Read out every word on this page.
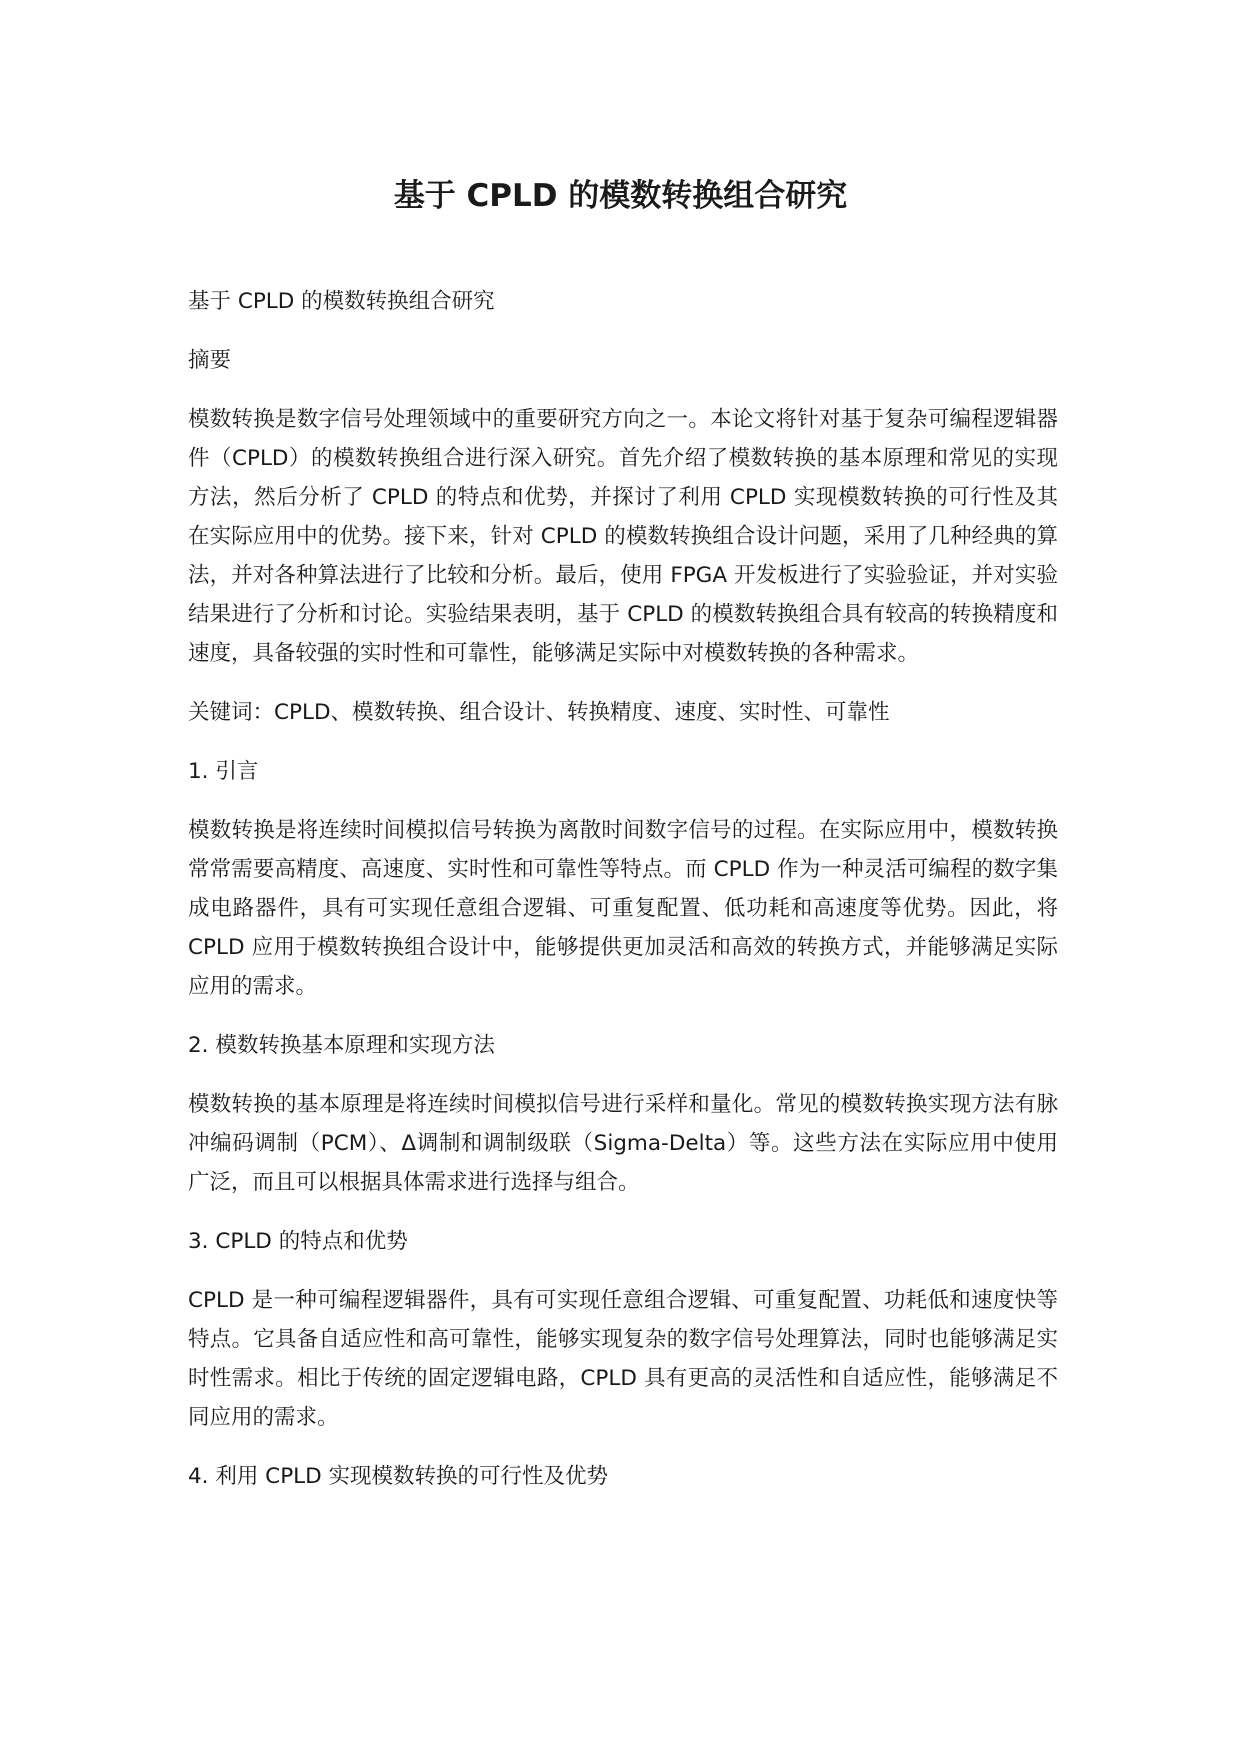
基于 CPLD 的模数转换组合研究

基于 CPLD 的模数转换组合研究

摘要

模数转换是数字信号处理领域中的重要研究方向之一。本论文将针对基于复杂可编程逻辑器件（CPLD）的模数转换组合进行深入研究。首先介绍了模数转换的基本原理和常见的实现方法，然后分析了 CPLD 的特点和优势，并探讨了利用 CPLD 实现模数转换的可行性及其在实际应用中的优势。接下来，针对 CPLD 的模数转换组合设计问题，采用了几种经典的算法，并对各种算法进行了比较和分析。最后，使用 FPGA 开发板进行了实验验证，并对实验结果进行了分析和讨论。实验结果表明，基于 CPLD 的模数转换组合具有较高的转换精度和速度，具备较强的实时性和可靠性，能够满足实际中对模数转换的各种需求。

关键词：CPLD、模数转换、组合设计、转换精度、速度、实时性、可靠性

1. 引言

模数转换是将连续时间模拟信号转换为离散时间数字信号的过程。在实际应用中，模数转换常常需要高精度、高速度、实时性和可靠性等特点。而 CPLD 作为一种灵活可编程的数字集成电路器件，具有可实现任意组合逻辑、可重复配置、低功耗和高速度等优势。因此，将 CPLD 应用于模数转换组合设计中，能够提供更加灵活和高效的转换方式，并能够满足实际应用的需求。

2. 模数转换基本原理和实现方法

模数转换的基本原理是将连续时间模拟信号进行采样和量化。常见的模数转换实现方法有脉冲编码调制（PCM）、Δ调制和调制级联（Sigma-Delta）等。这些方法在实际应用中使用广泛，而且可以根据具体需求进行选择与组合。

3. CPLD 的特点和优势

CPLD 是一种可编程逻辑器件，具有可实现任意组合逻辑、可重复配置、功耗低和速度快等特点。它具备自适应性和高可靠性，能够实现复杂的数字信号处理算法，同时也能够满足实时性需求。相比于传统的固定逻辑电路，CPLD 具有更高的灵活性和自适应性，能够满足不同应用的需求。

4. 利用 CPLD 实现模数转换的可行性及优势
